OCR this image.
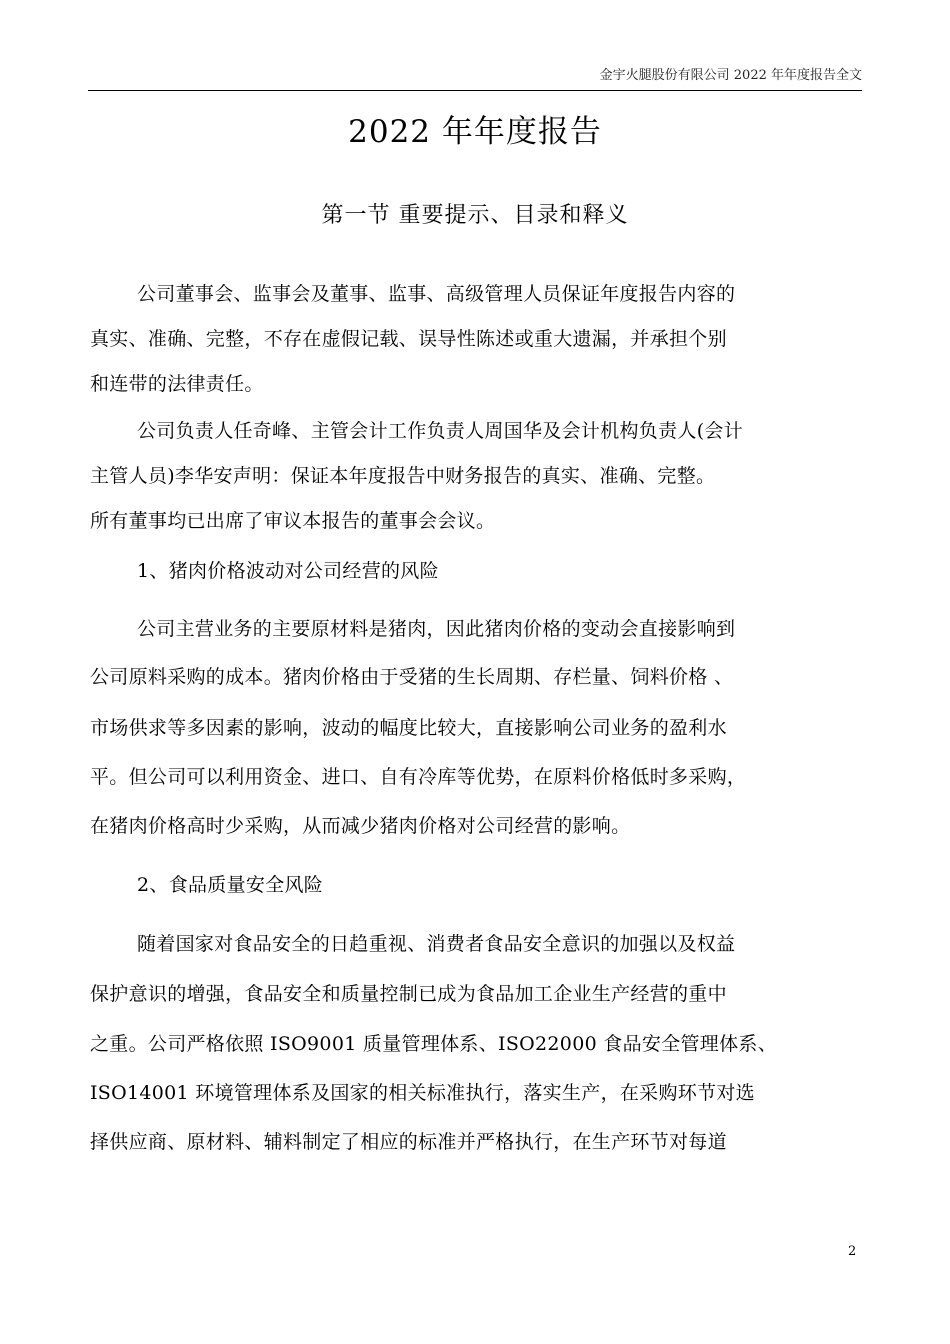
金宇火腿股份有限公司 2022 年年度报告全文
2022 年年度报告
第一节 重要提示、目录和释义
公司董事会、监事会及董事、监事、高级管理人员保证年度报告内容的
真实、准确、完整，不存在虚假记载、误导性陈述或重大遗漏，并承担个别
和连带的法律责任。
公司负责人任奇峰、主管会计工作负责人周国华及会计机构负责人(会计
主管人员)李华安声明：保证本年度报告中财务报告的真实、准确、完整。
所有董事均已出席了审议本报告的董事会会议。
1、猪肉价格波动对公司经营的风险
公司主营业务的主要原材料是猪肉，因此猪肉价格的变动会直接影响到
公司原料采购的成本。猪肉价格由于受猪的生长周期、存栏量、饲料价格 、
市场供求等多因素的影响，波动的幅度比较大，直接影响公司业务的盈利水
平。但公司可以利用资金、进口、自有冷库等优势，在原料价格低时多采购，
在猪肉价格高时少采购，从而减少猪肉价格对公司经营的影响。
2、食品质量安全风险
随着国家对食品安全的日趋重视、消费者食品安全意识的加强以及权益
保护意识的增强，食品安全和质量控制已成为食品加工企业生产经营的重中
之重。公司严格依照 ISO9001 质量管理体系、ISO22000 食品安全管理体系、
ISO14001 环境管理体系及国家的相关标准执行，落实生产，在采购环节对选
择供应商、原材料、辅料制定了相应的标准并严格执行，在生产环节对每道
2
